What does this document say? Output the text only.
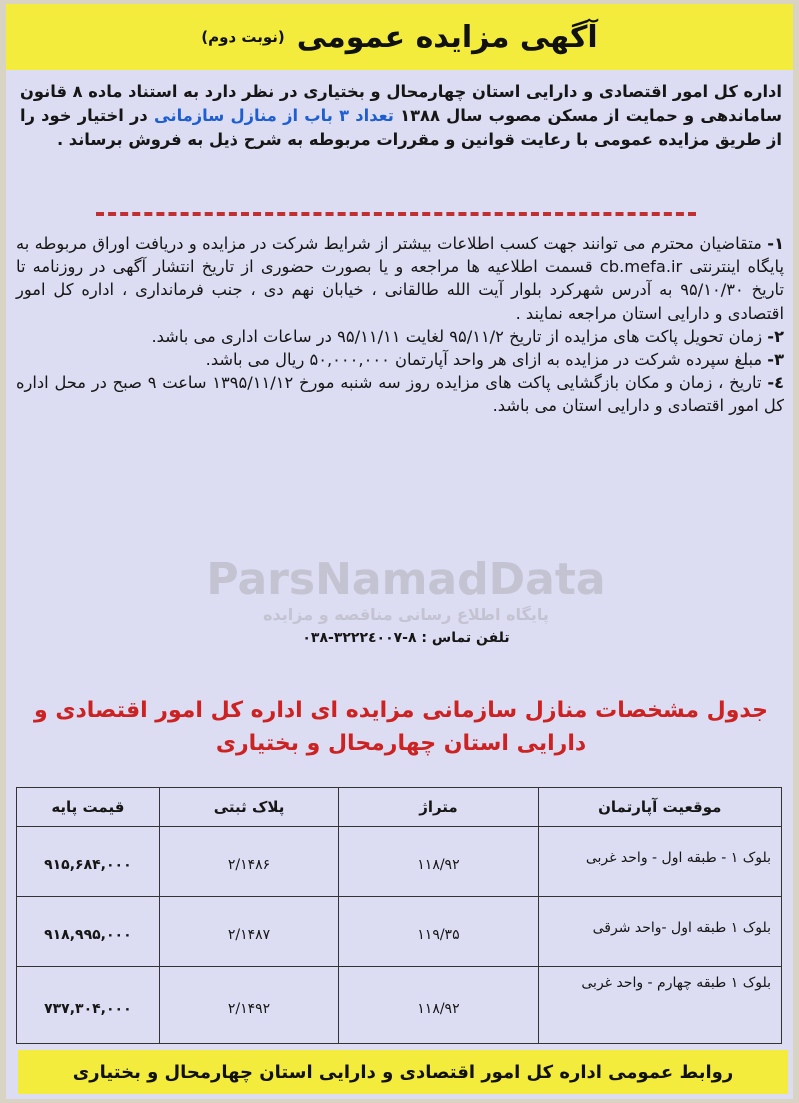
آگهی مزایده عمومی
(نوبت دوم)
اداره کل امور اقتصادی و دارایی استان چهارمحال و بختیاری در نظر دارد به استناد ماده ۸ قانون ساماندهی و حمایت از مسکن مصوب سال ۱۳۸۸ تعداد ۳ باب از منازل سازمانی در اختیار خود را از طریق مزایده عمومی با رعایت قوانین و مقررات مربوطه به شرح ذیل به فروش برساند .
ParsNamadData
پایگاه اطلاع رسانی مناقصه و مزایده

۱- متقاضیان محترم می توانند جهت کسب اطلاعات بیشتر از شرایط شرکت در مزایده و دریافت اوراق مربوطه به پایگاه اینترنتی cb.mefa.ir قسمت اطلاعیه ها مراجعه و یا بصورت حضوری از تاریخ انتشار آگهی در روزنامه تا تاریخ ۹۵/۱۰/۳۰ به آدرس شهرکرد بلوار آیت الله طالقانی ، خیابان نهم دی ، جنب فرمانداری ، اداره کل امور اقتصادی و دارایی استان مراجعه نمایند .

۲- زمان تحویل پاکت های مزایده از تاریخ ۹۵/۱۱/۲ لغایت ۹۵/۱۱/۱۱ در ساعات اداری می باشد.

۳- مبلغ سپرده شرکت در مزایده به ازای هر واحد آپارتمان ۵۰,۰۰۰,۰۰۰ ریال می باشد.

٤- تاریخ ، زمان و مکان بازگشایی پاکت های مزایده روز سه شنبه مورخ ۱۳۹۵/۱۱/۱۲ ساعت ۹ صبح در محل اداره کل امور اقتصادی و دارایی استان می باشد.

تلفن تماس : ۸-۳۲۲۲٤۰۰۷-۰۳۸
جدول مشخصات منازل سازمانی مزایده ای اداره کل امور اقتصادی و دارایی استان چهارمحال و بختیاری
موقعیت آپارتمان	متراژ	پلاک ثبتی	قیمت پایه
بلوک ۱ - طبقه اول - واحد غربی	۱۱۸/۹۲	۲/۱۴۸۶	۹۱۵,۶۸۴,۰۰۰
بلوک ۱ طبقه اول -واحد شرقی	۱۱۹/۳۵	۲/۱۴۸۷	۹۱۸,۹۹۵,۰۰۰
بلوک ۱ طبقه چهارم - واحد غربی	۱۱۸/۹۲	۲/۱۴۹۲	۷۳۷,۳۰۴,۰۰۰
روابط عمومی اداره کل امور اقتصادی و دارایی استان چهارمحال و بختیاری
